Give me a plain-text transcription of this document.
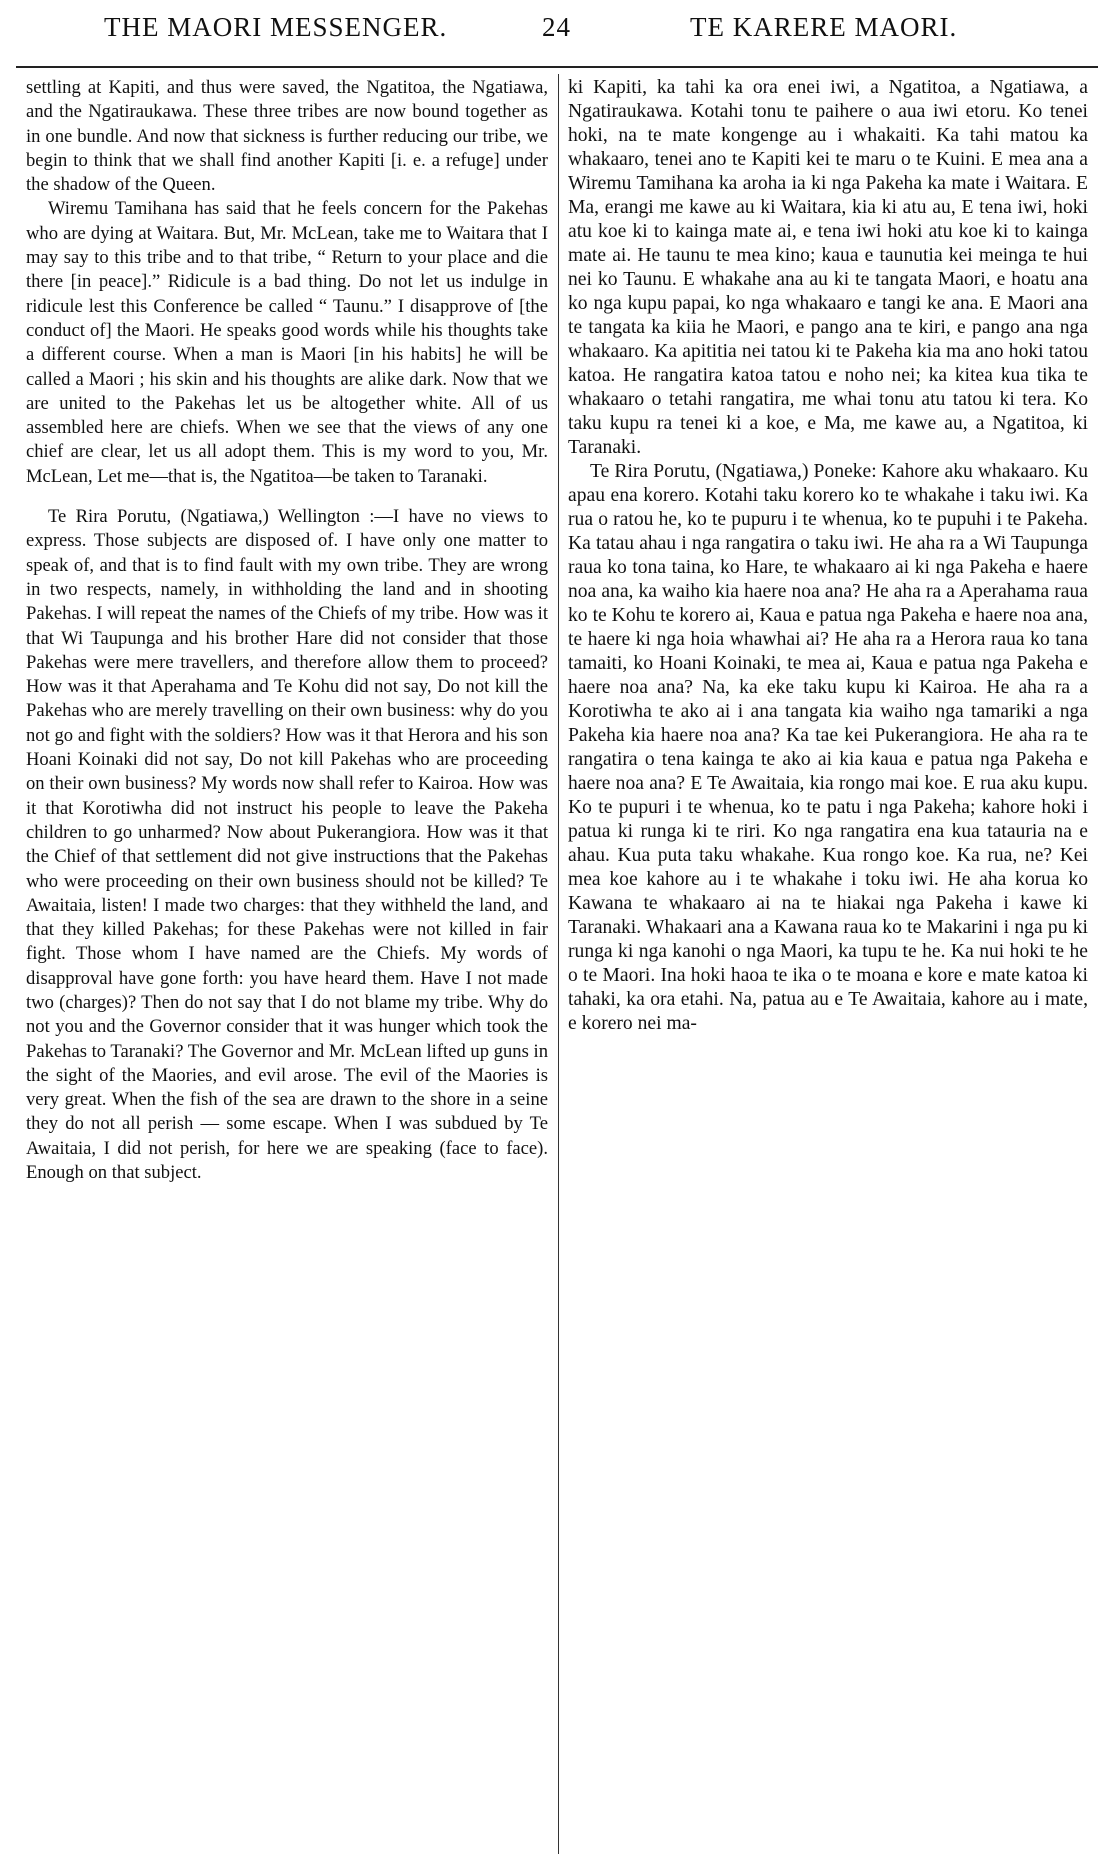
THE MAORI MESSENGER.	24	TE KARERE MAORI.

settling at Kapiti, and thus were saved, the Ngatitoa, the Ngatiawa, and the Ngatiraukawa. These three tribes are now bound together as in one bundle. And now that sickness is further reducing our tribe, we begin to think that we shall find another Kapiti [i. e. a refuge] under the shadow of the Queen.

Wiremu Tamihana has said that he feels concern for the Pakehas who are dying at Waitara. But, Mr. McLean, take me to Waitara that I may say to this tribe and to that tribe, “ Return to your place and die there [in peace].” Ridicule is a bad thing. Do not let us indulge in ridicule lest this Conference be called “ Taunu.” I disapprove of [the conduct of] the Maori. He speaks good words while his thoughts take a different course. When a man is Maori [in his habits] he will be called a Maori ; his skin and his thoughts are alike dark. Now that we are united to the Pakehas let us be altogether white. All of us assembled here are chiefs. When we see that the views of any one chief are clear, let us all adopt them. This is my word to you, Mr. McLean, Let me—that is, the Ngatitoa—be taken to Taranaki.

Te Rira Porutu, (Ngatiawa,) Wellington :—I have no views to express. Those subjects are disposed of. I have only one matter to speak of, and that is to find fault with my own tribe. They are wrong in two respects, namely, in withholding the land and in shooting Pakehas. I will repeat the names of the Chiefs of my tribe. How was it that Wi Taupunga and his brother Hare did not consider that those Pakehas were mere travellers, and therefore allow them to proceed? How was it that Aperahama and Te Kohu did not say, Do not kill the Pakehas who are merely travelling on their own business: why do you not go and fight with the soldiers? How was it that Herora and his son Hoani Koinaki did not say, Do not kill Pakehas who are proceeding on their own business? My words now shall refer to Kairoa. How was it that Korotiwha did not instruct his people to leave the Pakeha children to go unharmed? Now about Pukerangiora. How was it that the Chief of that settlement did not give instructions that the Pakehas who were proceeding on their own business should not be killed? Te Awaitaia, listen! I made two charges: that they withheld the land, and that they killed Pakehas; for these Pakehas were not killed in fair fight. Those whom I have named are the Chiefs. My words of disapproval have gone forth: you have heard them. Have I not made two (charges)? Then do not say that I do not blame my tribe. Why do not you and the Governor consider that it was hunger which took the Pakehas to Taranaki? The Governor and Mr. McLean lifted up guns in the sight of the Maories, and evil arose. The evil of the Maories is very great. When the fish of the sea are drawn to the shore in a seine they do not all perish — some escape. When I was subdued by Te Awaitaia, I did not perish, for here we are speaking (face to face). Enough on that subject.

ki Kapiti, ka tahi ka ora enei iwi, a Ngatitoa, a Ngatiawa, a Ngatiraukawa. Kotahi tonu te paihere o aua iwi etoru. Ko tenei hoki, na te mate kongenge au i whakaiti. Ka tahi matou ka whakaaro, tenei ano te Kapiti kei te maru o te Kuini. E mea ana a Wiremu Tamihana ka aroha ia ki nga Pakeha ka mate i Waitara. E Ma, erangi me kawe au ki Waitara, kia ki atu au, E tena iwi, hoki atu koe ki to kainga mate ai, e tena iwi hoki atu koe ki to kainga mate ai. He taunu te mea kino; kaua e taunutia kei meinga te hui nei ko Taunu. E whakahe ana au ki te tangata Maori, e hoatu ana ko nga kupu papai, ko nga whakaaro e tangi ke ana. E Maori ana te tangata ka kiia he Maori, e pango ana te kiri, e pango ana nga whakaaro. Ka apititia nei tatou ki te Pakeha kia ma ano hoki tatou katoa. He rangatira katoa tatou e noho nei; ka kitea kua tika te whakaaro o tetahi rangatira, me whai tonu atu tatou ki tera. Ko taku kupu ra tenei ki a koe, e Ma, me kawe au, a Ngatitoa, ki Taranaki.

Te Rira Porutu, (Ngatiawa,) Poneke: Kahore aku whakaaro. Ku apau ena korero. Kotahi taku korero ko te whakahe i taku iwi. Ka rua o ratou he, ko te pupuru i te whenua, ko te pupuhi i te Pakeha. Ka tatau ahau i nga rangatira o taku iwi. He aha ra a Wi Taupunga raua ko tona taina, ko Hare, te whakaaro ai ki nga Pakeha e haere noa ana, ka waiho kia haere noa ana? He aha ra a Aperahama raua ko te Kohu te korero ai, Kaua e patua nga Pakeha e haere noa ana, te haere ki nga hoia whawhai ai? He aha ra a Herora raua ko tana tamaiti, ko Hoani Koinaki, te mea ai, Kaua e patua nga Pakeha e haere noa ana? Na, ka eke taku kupu ki Kairoa. He aha ra a Korotiwha te ako ai i ana tangata kia waiho nga tamariki a nga Pakeha kia haere noa ana? Ka tae kei Pukerangiora. He aha ra te rangatira o tena kainga te ako ai kia kaua e patua nga Pakeha e haere noa ana? E Te Awaitaia, kia rongo mai koe. E rua aku kupu. Ko te pupuri i te whenua, ko te patu i nga Pakeha; kahore hoki i patua ki runga ki te riri. Ko nga rangatira ena kua tatauria na e ahau. Kua puta taku whakahe. Kua rongo koe. Ka rua, ne? Kei mea koe kahore au i te whakahe i toku iwi. He aha korua ko Kawana te whakaaro ai na te hiakai nga Pakeha i kawe ki Taranaki. Whakaari ana a Kawana raua ko te Makarini i nga pu ki runga ki nga kanohi o nga Maori, ka tupu te he. Ka nui hoki te he o te Maori. Ina hoki haoa te ika o te moana e kore e mate katoa ki tahaki, ka ora etahi. Na, patua au e Te Awaitaia, kahore au i mate, e korero nei ma-
